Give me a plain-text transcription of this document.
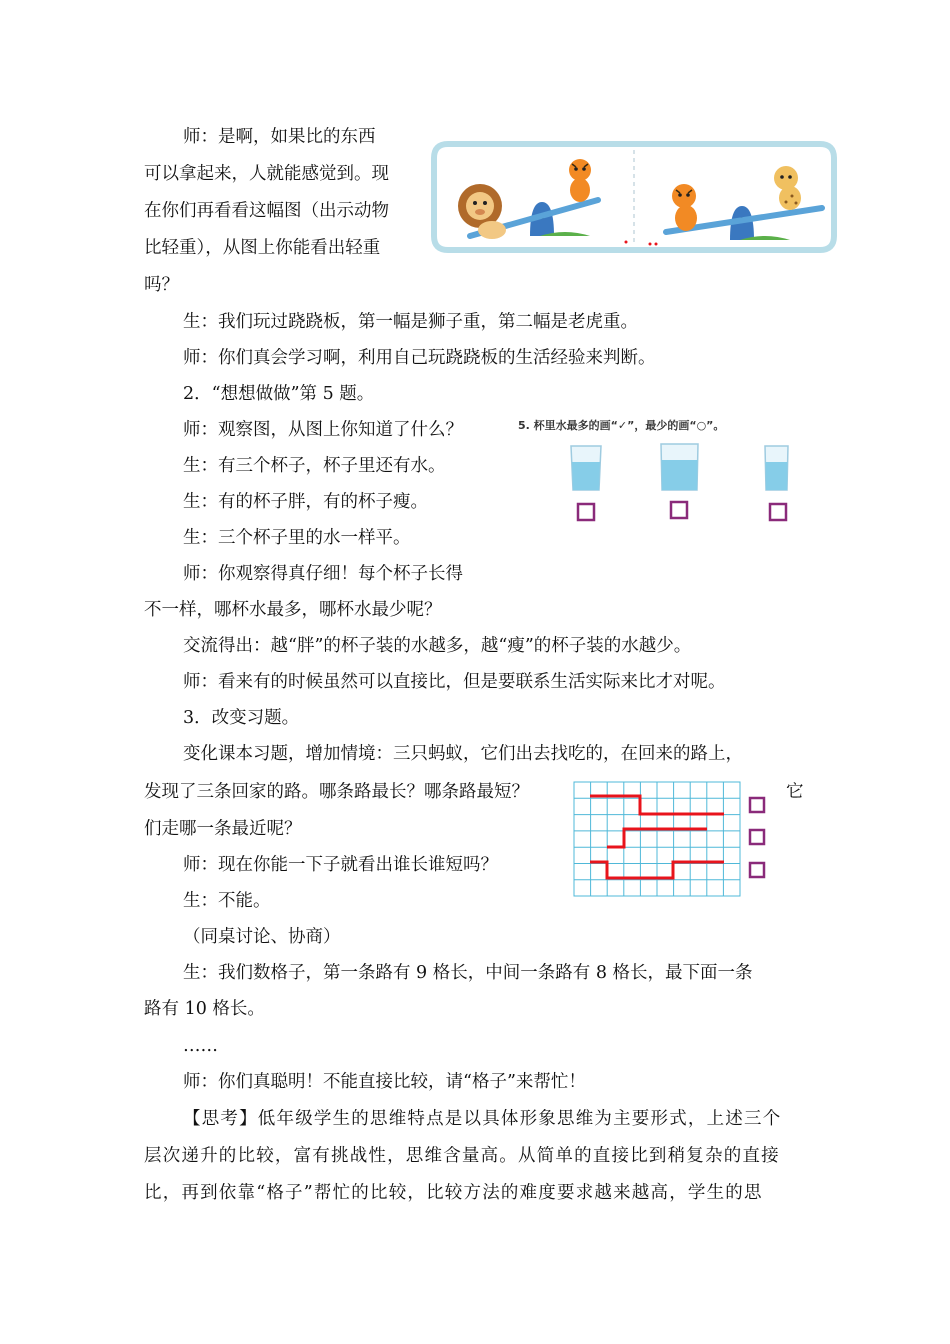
师：是啊，如果比的东西
可以拿起来，人就能感觉到。现
在你们再看看这幅图（出示动物
比轻重），从图上你能看出轻重
吗？
生：我们玩过跷跷板，第一幅是狮子重，第二幅是老虎重。
师：你们真会学习啊，利用自己玩跷跷板的生活经验来判断。
2．“想想做做”第 5 题。
师：观察图，从图上你知道了什么？
生：有三个杯子，杯子里还有水。
生：有的杯子胖，有的杯子瘦。
生：三个杯子里的水一样平。
师：你观察得真仔细！每个杯子长得
不一样，哪杯水最多，哪杯水最少呢？
交流得出：越“胖”的杯子装的水越多，越“瘦”的杯子装的水越少。
师：看来有的时候虽然可以直接比，但是要联系生活实际来比才对呢。
3．改变习题。
变化课本习题，增加情境：三只蚂蚁，它们出去找吃的，在回来的路上，
发现了三条回家的路。哪条路最长？哪条路最短？	它
们走哪一条最近呢？
师：现在你能一下子就看出谁长谁短吗？
生：不能。
（同桌讨论、协商）
生：我们数格子，第一条路有 9 格长，中间一条路有 8 格长，最下面一条
路有 10 格长。
……
师：你们真聪明！不能直接比较，请“格子”来帮忙！
【思考】低年级学生的思维特点是以具体形象思维为主要形式，上述三个
层次递升的比较，富有挑战性，思维含量高。从简单的直接比到稍复杂的直接
比，再到依靠“格子”帮忙的比较，比较方法的难度要求越来越高，学生的思
5. 杯里水最多的画“✓”，最少的画“○”。
